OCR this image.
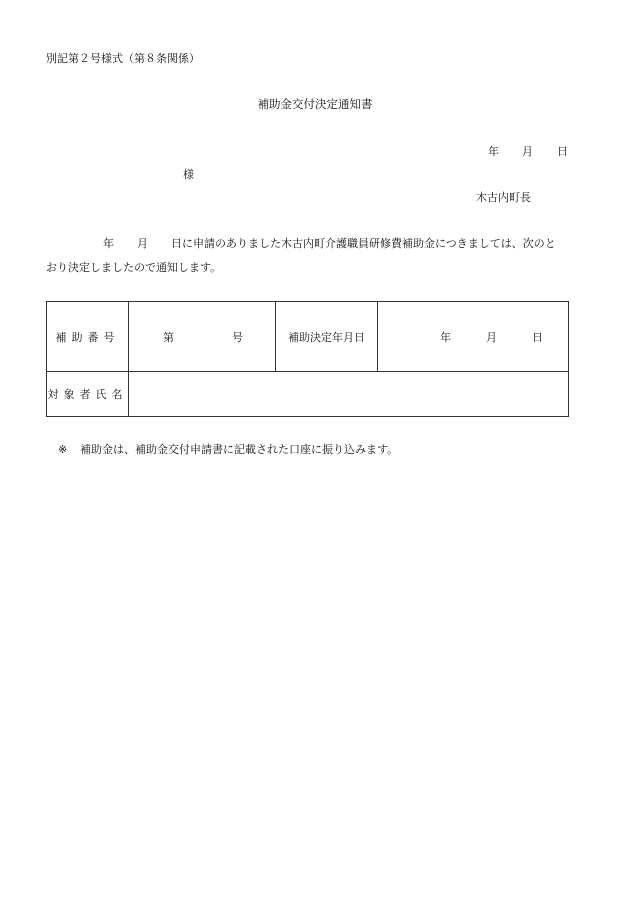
別記第２号様式（第８条関係）
補助金交付決定通知書
年 月 日
様
木古内町長
年 月 日に申請のありました木古内町介護職員研修費補助金につきましては、次のと
おり決定しましたので通知します。
補助番号	第 号	補助決定年月日	年 月 日

対象者氏名			
※ 補助金は、補助金交付申請書に記載された口座に振り込みます。
